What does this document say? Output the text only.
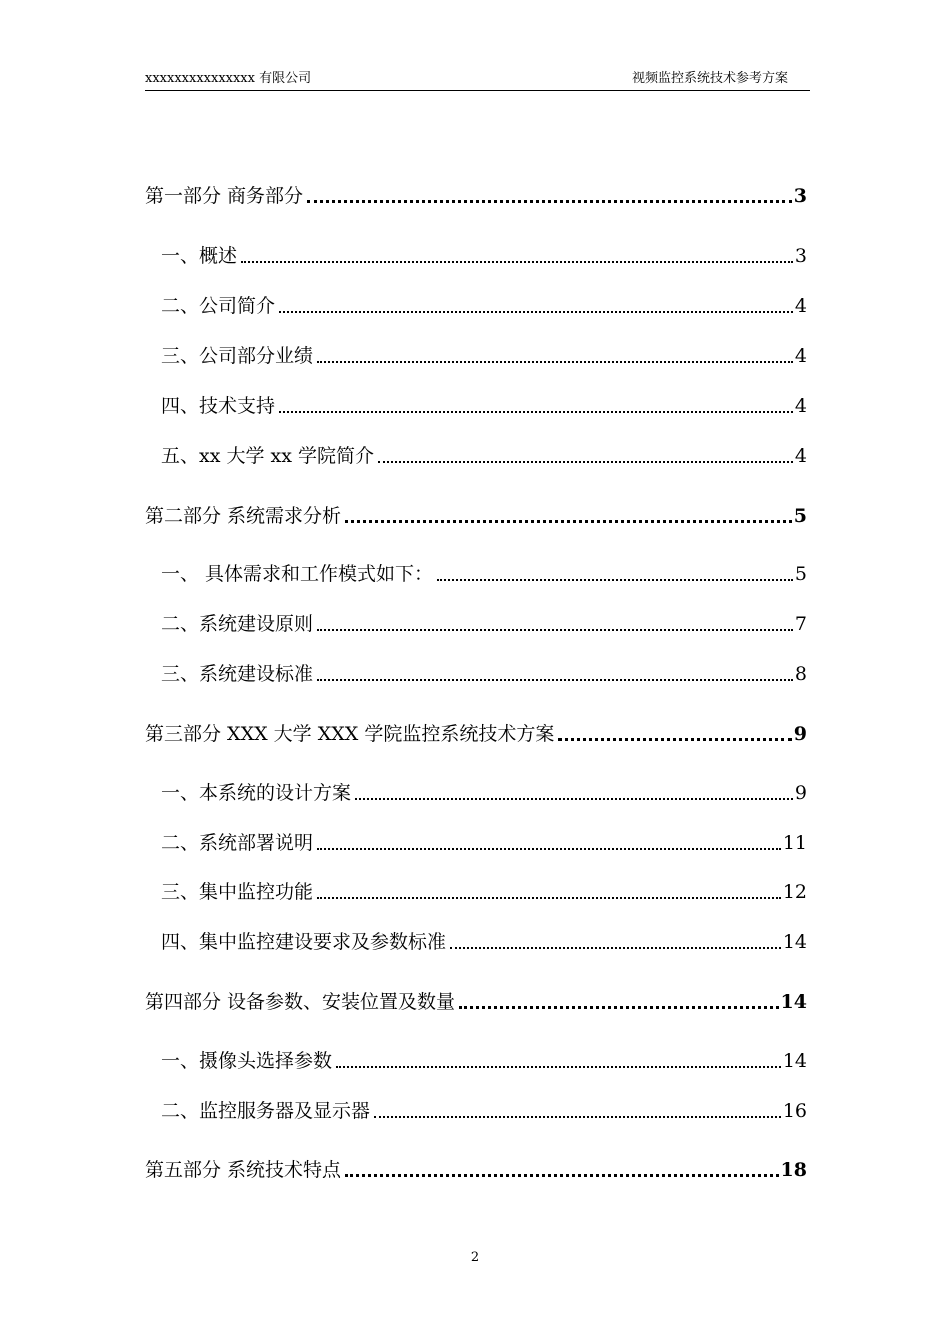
xxxxxxxxxxxxxxx 有限公司	视频监控系统技术参考方案
第一部分 商务部分	3
一、概述	3
二、公司简介	4
三、公司部分业绩	4
四、技术支持	4
五、xx 大学 xx 学院简介	4
第二部分 系统需求分析	5
一、 具体需求和工作模式如下：	5
二、系统建设原则	7
三、系统建设标准	8
第三部分 XXX 大学 XXX 学院监控系统技术方案	9
一、本系统的设计方案	9
二、系统部署说明	11
三、集中监控功能	12
四、集中监控建设要求及参数标准	14
第四部分 设备参数、安装位置及数量	14
一、摄像头选择参数	14
二、监控服务器及显示器	16
第五部分 系统技术特点	18
2
